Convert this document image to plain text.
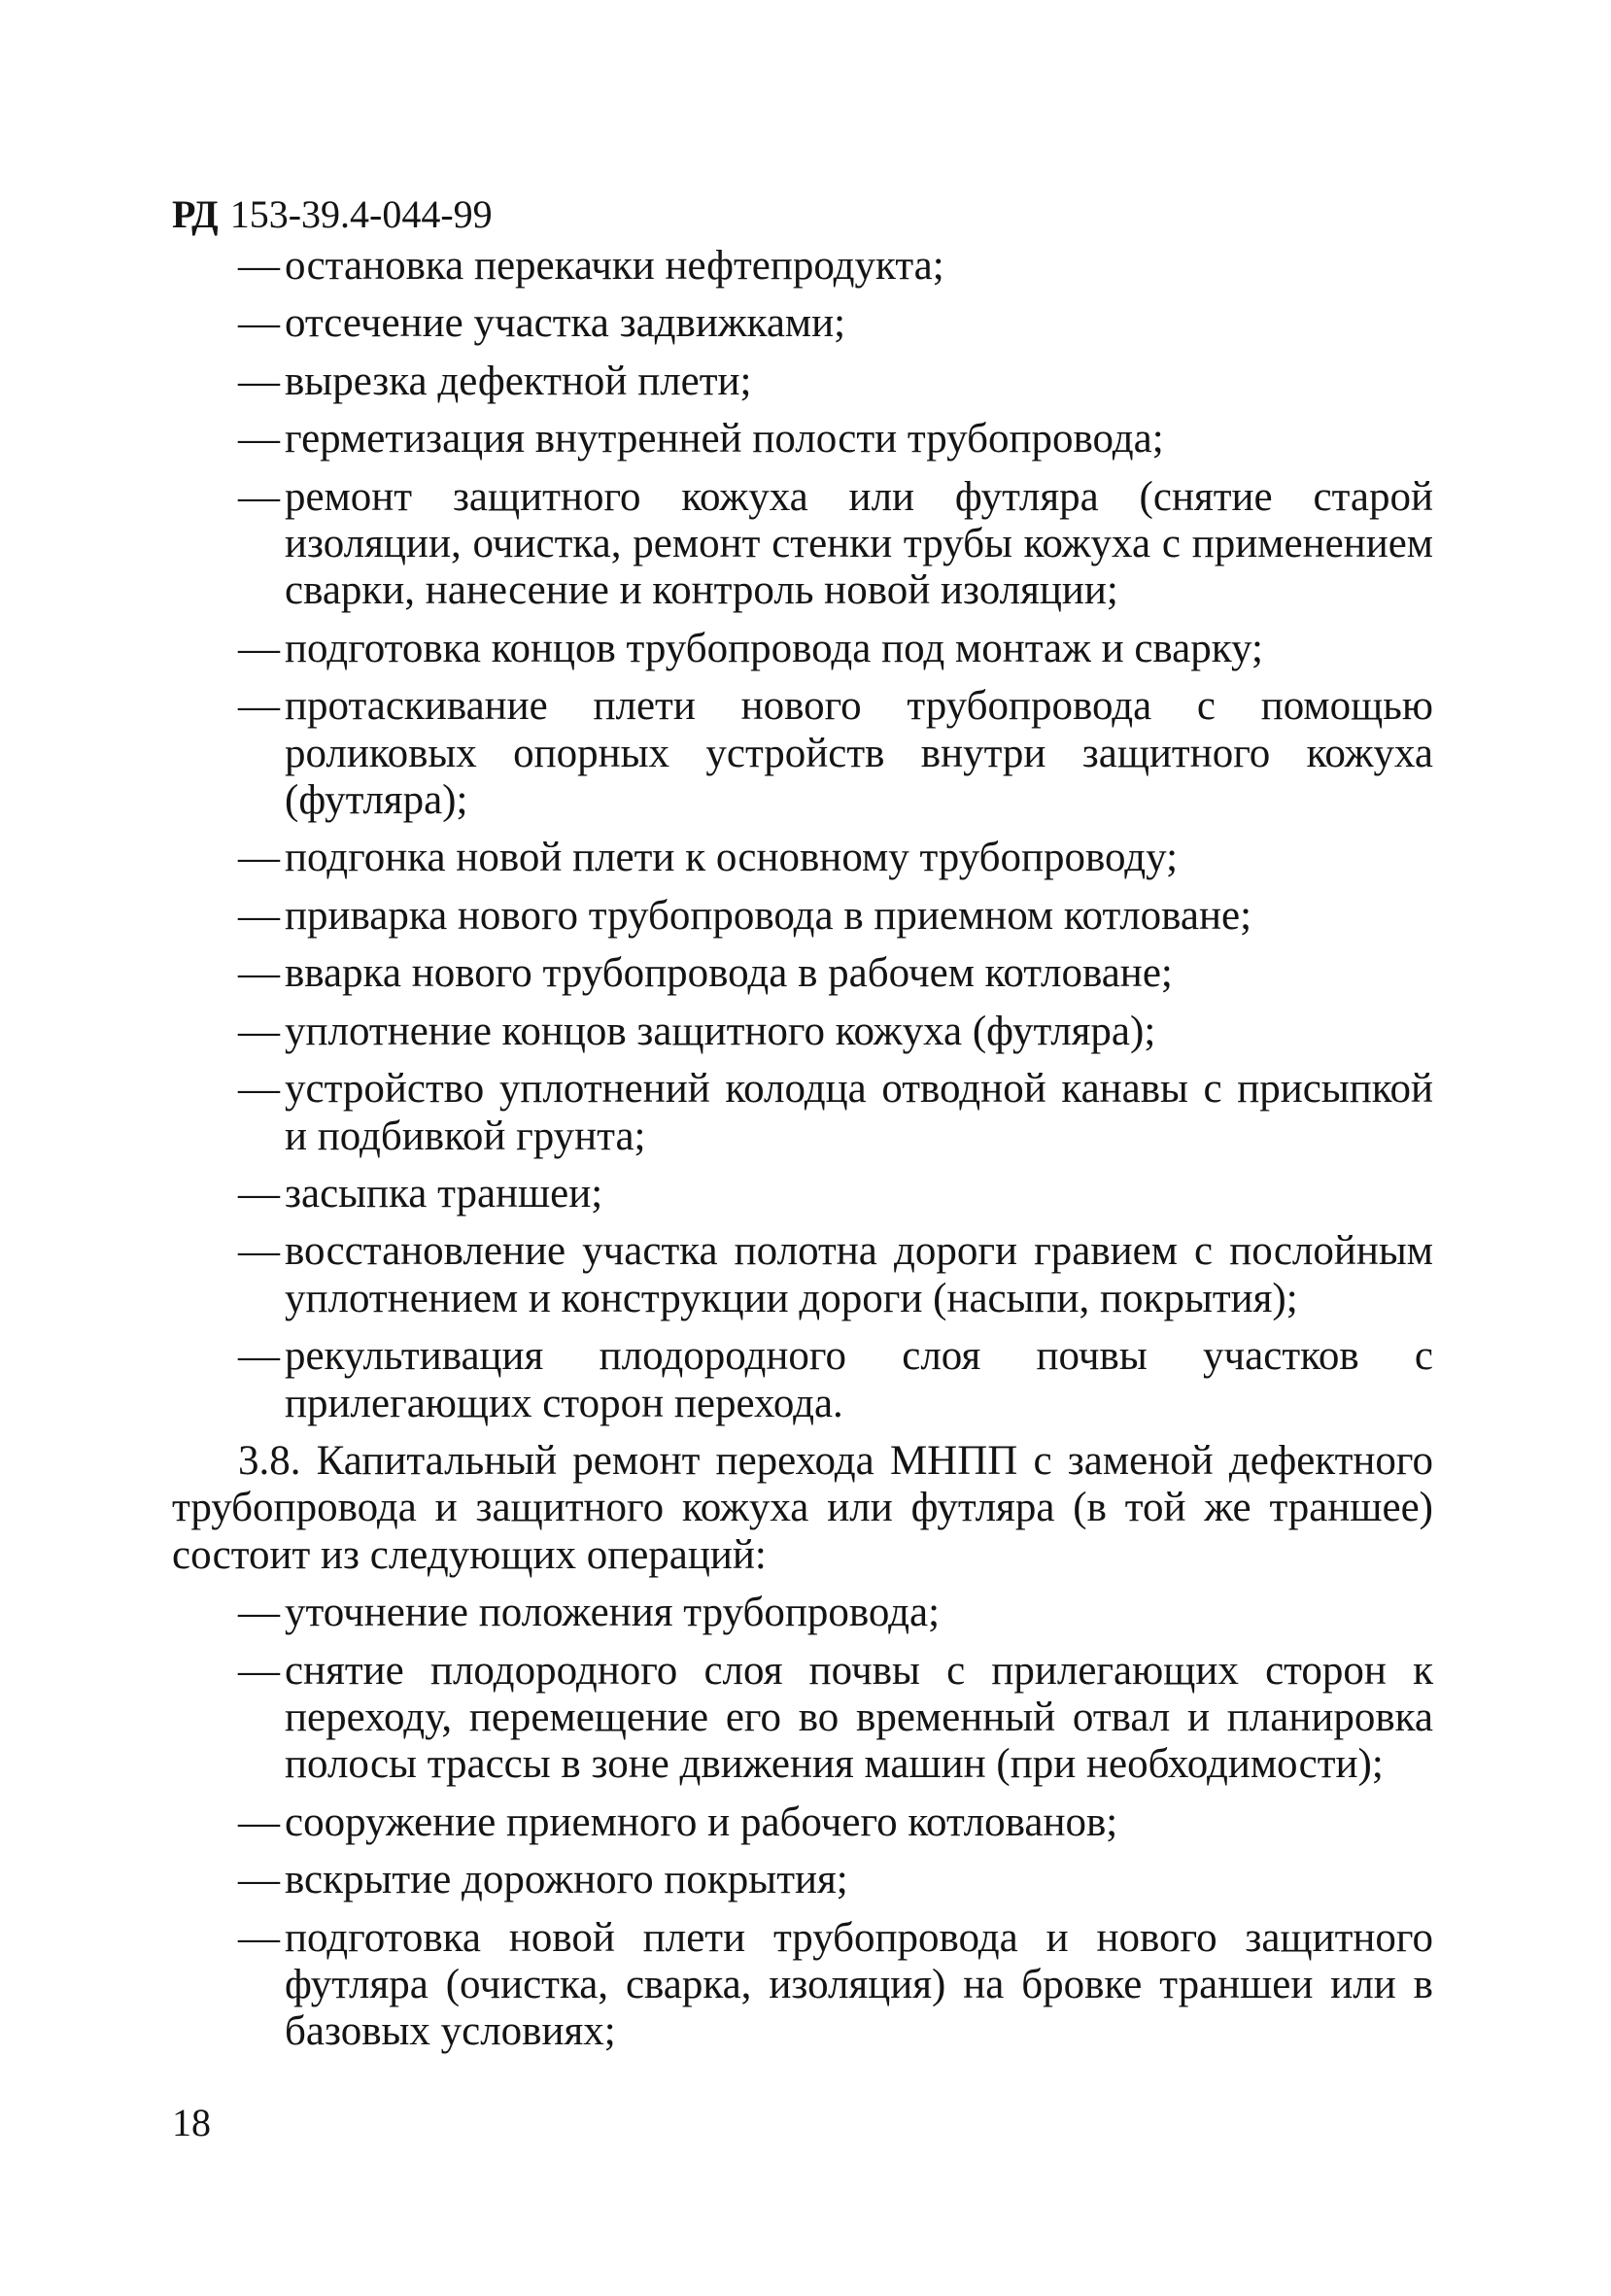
РД 153-39.4-044-99
— остановка перекачки нефтепродукта;
— отсечение участка задвижками;
— вырезка дефектной плети;
— герметизация внутренней полости трубопровода;
— ремонт защитного кожуха или футляра (снятие старой изоляции, очистка, ремонт стенки трубы кожуха с применением сварки, нанесение и контроль новой изоляции;
— подготовка концов трубопровода под монтаж и сварку;
— протаскивание плети нового трубопровода с помощью роликовых опорных устройств внутри защитного кожуха (футляра);
— подгонка новой плети к основному трубопроводу;
— приварка нового трубопровода в приемном котловане;
— вварка нового трубопровода в рабочем котловане;
— уплотнение концов защитного кожуха (футляра);
— устройство уплотнений колодца отводной канавы с присыпкой и подбивкой грунта;
— засыпка траншеи;
— восстановление участка полотна дороги гравием с послойным уплотнением и конструкции дороги (насыпи, покрытия);
— рекультивация плодородного слоя почвы участков с прилегающих сторон перехода.
3.8. Капитальный ремонт перехода МНПП с заменой дефектного трубопровода и защитного кожуха или футляра (в той же траншее) состоит из следующих операций:
— уточнение положения трубопровода;
— снятие плодородного слоя почвы с прилегающих сторон к переходу, перемещение его во временный отвал и планировка полосы трассы в зоне движения машин (при необходимости);
— сооружение приемного и рабочего котлованов;
— вскрытие дорожного покрытия;
— подготовка новой плети трубопровода и нового защитного футляра (очистка, сварка, изоляция) на бровке траншеи или в базовых условиях;
18
